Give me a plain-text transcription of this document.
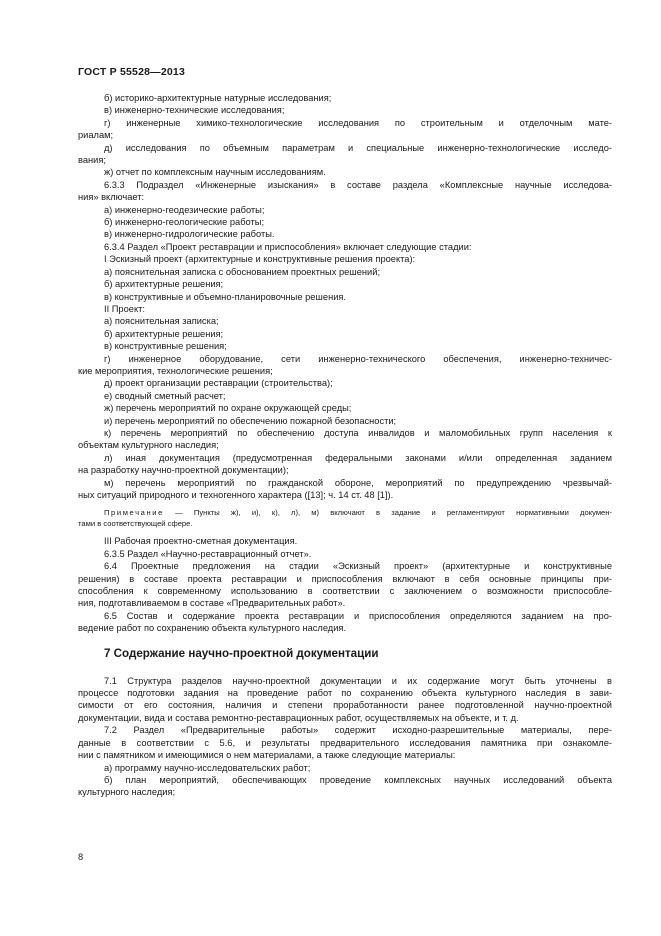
ГОСТ Р 55528—2013

б) историко-архитектурные натурные исследования;

в) инженерно-технические исследования;

г) инженерные химико-технологические исследования по строительным и отделочным мате-

риалам;

д) исследования по объемным параметрам и специальные инженерно-технологические исследо-

вания;

ж) отчет по комплексным научным исследованиям.

6.3.3 Подраздел «Инженерные изыскания» в составе раздела «Комплексные научные исследова-

ния» включает:

а) инженерно-геодезические работы;

б) инженерно-геологические работы;

в) инженерно-гидрологические работы.

6.3.4 Раздел «Проект реставрации и приспособления» включает следующие стадии:

I Эскизный проект (архитектурные и конструктивные решения проекта):

а) пояснительная записка с обоснованием проектных решений;

б) архитектурные решения;

в) конструктивные и объемно-планировочные решения.

II Проект:

а) пояснительная записка;

б) архитектурные решения;

в) конструктивные решения;

г) инженерное оборудование, сети инженерно-технического обеспечения, инженерно-техничес-

кие мероприятия, технологические решения;

д) проект организации реставрации (строительства);

е) сводный сметный расчет;

ж) перечень мероприятий по охране окружающей среды;

и) перечень мероприятий по обеспечению пожарной безопасности;

к) перечень мероприятий по обеспечению доступа инвалидов и маломобильных групп населения к

объектам культурного наследия;

л) иная документация (предусмотренная федеральными законами и/или определенная заданием

на разработку научно-проектной документации);

м) перечень мероприятий по гражданской обороне, мероприятий по предупреждению чрезвычай-

ных ситуаций природного и техногенного характера ([13]; ч. 14 ст. 48 [1]).

Примечание — Пункты ж), и), к), л), м) включают в задание и регламентируют нормативными докумен-

тами в соответствующей сфере.

III Рабочая проектно-сметная документация.

6.3.5 Раздел «Научно-реставрационный отчет».

6.4 Проектные предложения на стадии «Эскизный проект» (архитектурные и конструктивные

решения) в составе проекта реставрации и приспособления включают в себя основные принципы при-

способления к современному использованию в соответствии с заключением о возможности приспособле-

ния, подготавливаемом в составе «Предварительных работ».

6.5 Состав и содержание проекта реставрации и приспособления определяются заданием на про-

ведение работ по сохранению объекта культурного наследия.

7 Содержание научно-проектной документации

7.1 Структура разделов научно-проектной документации и их содержание могут быть уточнены в

процессе подготовки задания на проведение работ по сохранению объекта культурного наследия в зави-

симости от его состояния, наличия и степени проработанности ранее подготовленной научно-проектной

документации, вида и состава ремонтно-реставрационных работ, осуществляемых на объекте, и т. д.

7.2 Раздел «Предварительные работы» содержит исходно-разрешительные материалы, пере-

данные в соответствии с 5.6, и результаты предварительного исследования памятника при ознакомле-

нии с памятником и имеющимися о нем материалами, а также следующие материалы:

а) программу научно-исследовательских работ;

б) план мероприятий, обеспечивающих проведение комплексных научных исследований объекта

культурного наследия;

8
